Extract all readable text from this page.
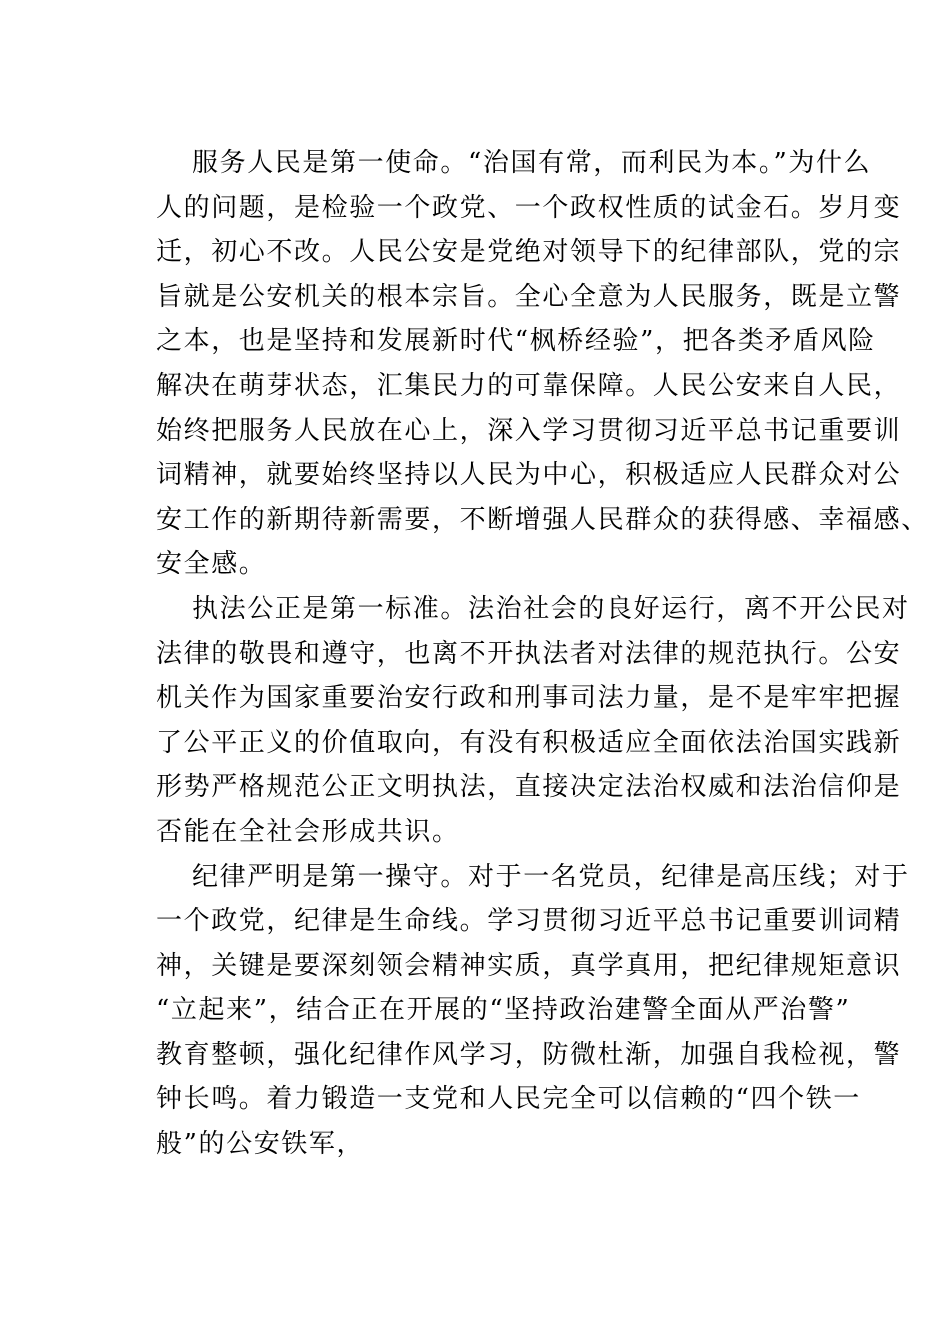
服务人民是第一使命。“治国有常，而利民为本。”为什么
人的问题，是检验一个政党、一个政权性质的试金石。岁月变
迁，初心不改。人民公安是党绝对领导下的纪律部队，党的宗
旨就是公安机关的根本宗旨。全心全意为人民服务，既是立警
之本，也是坚持和发展新时代“枫桥经验”，把各类矛盾风险
解决在萌芽状态，汇集民力的可靠保障。人民公安来自人民，
始终把服务人民放在心上，深入学习贯彻习近平总书记重要训
词精神，就要始终坚持以人民为中心，积极适应人民群众对公
安工作的新期待新需要，不断增强人民群众的获得感、幸福感、
安全感。
执法公正是第一标准。法治社会的良好运行，离不开公民对
法律的敬畏和遵守，也离不开执法者对法律的规范执行。公安
机关作为国家重要治安行政和刑事司法力量，是不是牢牢把握
了公平正义的价值取向，有没有积极适应全面依法治国实践新
形势严格规范公正文明执法，直接决定法治权威和法治信仰是
否能在全社会形成共识。
纪律严明是第一操守。对于一名党员，纪律是高压线；对于
一个政党，纪律是生命线。学习贯彻习近平总书记重要训词精
神，关键是要深刻领会精神实质，真学真用，把纪律规矩意识
“立起来”，结合正在开展的“坚持政治建警全面从严治警”
教育整顿，强化纪律作风学习，防微杜渐，加强自我检视，警
钟长鸣。着力锻造一支党和人民完全可以信赖的“四个铁一
般”的公安铁军，
